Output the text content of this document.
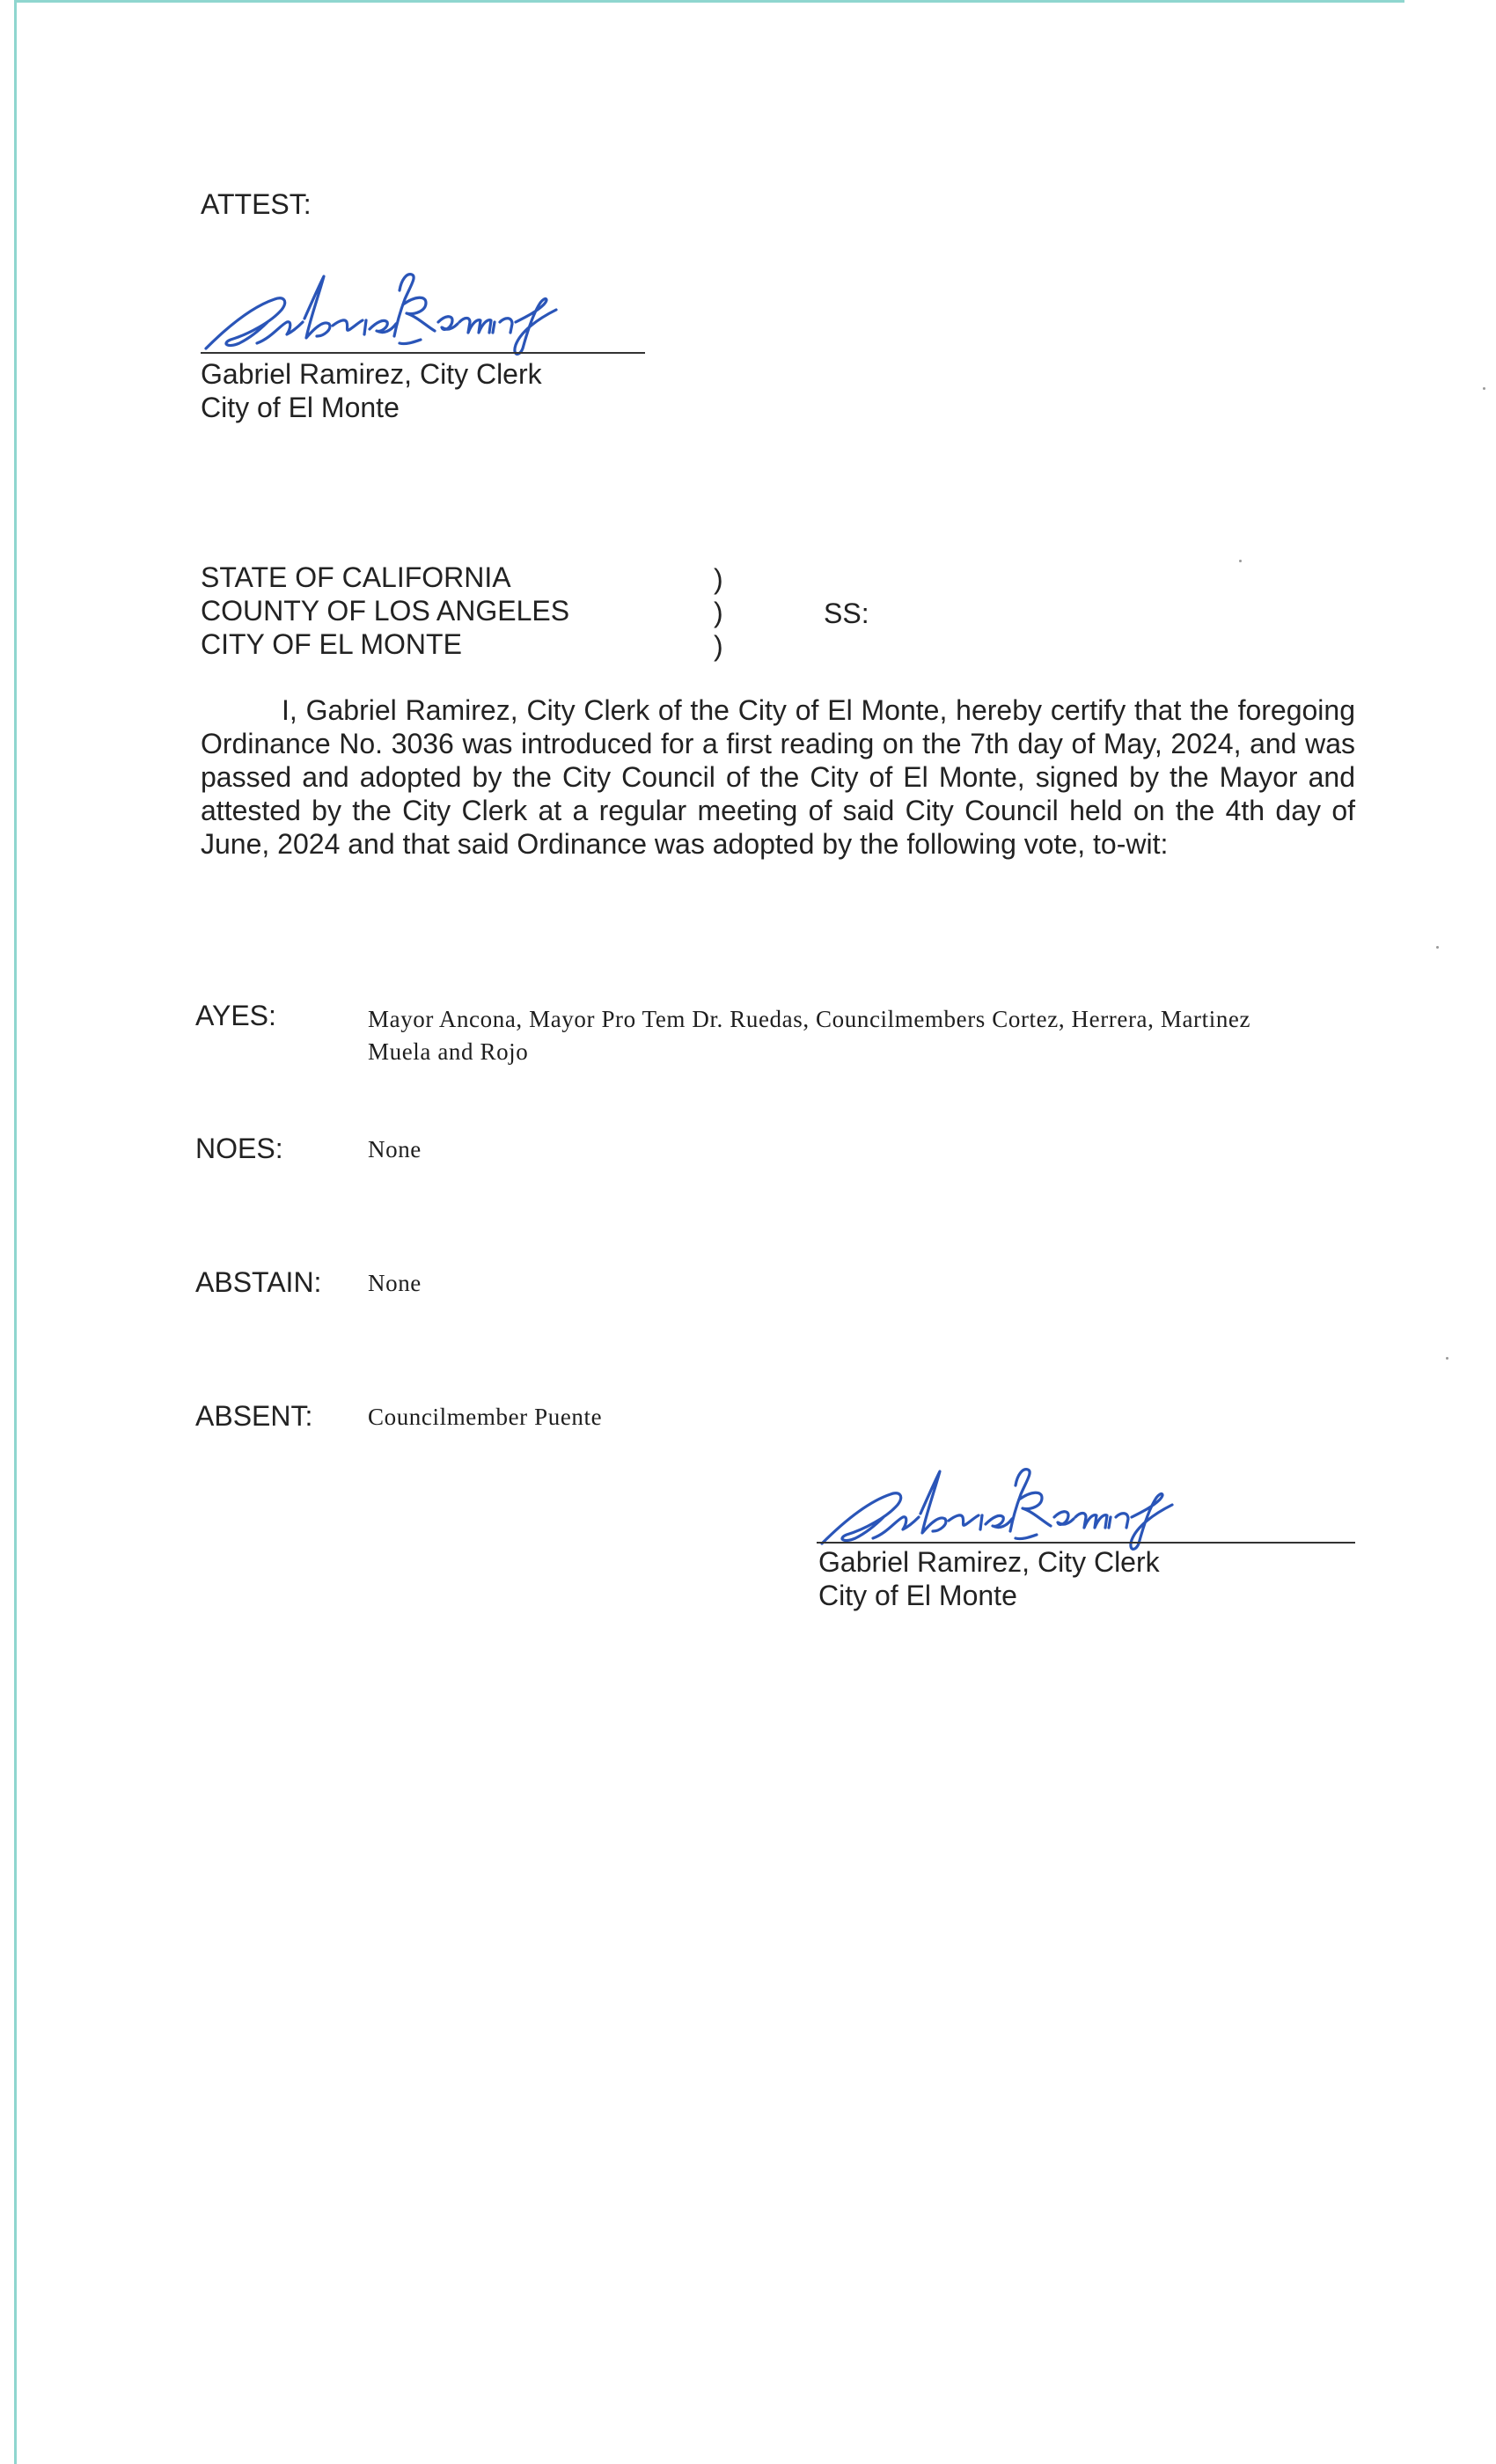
ATTEST:
Gabriel Ramirez, City Clerk
City of El Monte
STATE OF CALIFORNIA
COUNTY OF LOS ANGELES
CITY OF EL MONTE
)
)
)
SS:
I, Gabriel Ramirez, City Clerk of the City of El Monte, hereby certify that the foregoing Ordinance No. 3036 was introduced for a first reading on the 7th day of May, 2024, and was passed and adopted by the City Council of the City of El Monte, signed by the Mayor and attested by the City Clerk at a regular meeting of said City Council held on the 4th day of June, 2024 and that said Ordinance was adopted by the following vote, to-wit:
AYES:	Mayor Ancona, Mayor Pro Tem Dr. Ruedas, Councilmembers Cortez, Herrera, Martinez Muela and Rojo
NOES:	None
ABSTAIN: None
ABSENT: Councilmember Puente
Gabriel Ramirez, City Clerk
City of El Monte
